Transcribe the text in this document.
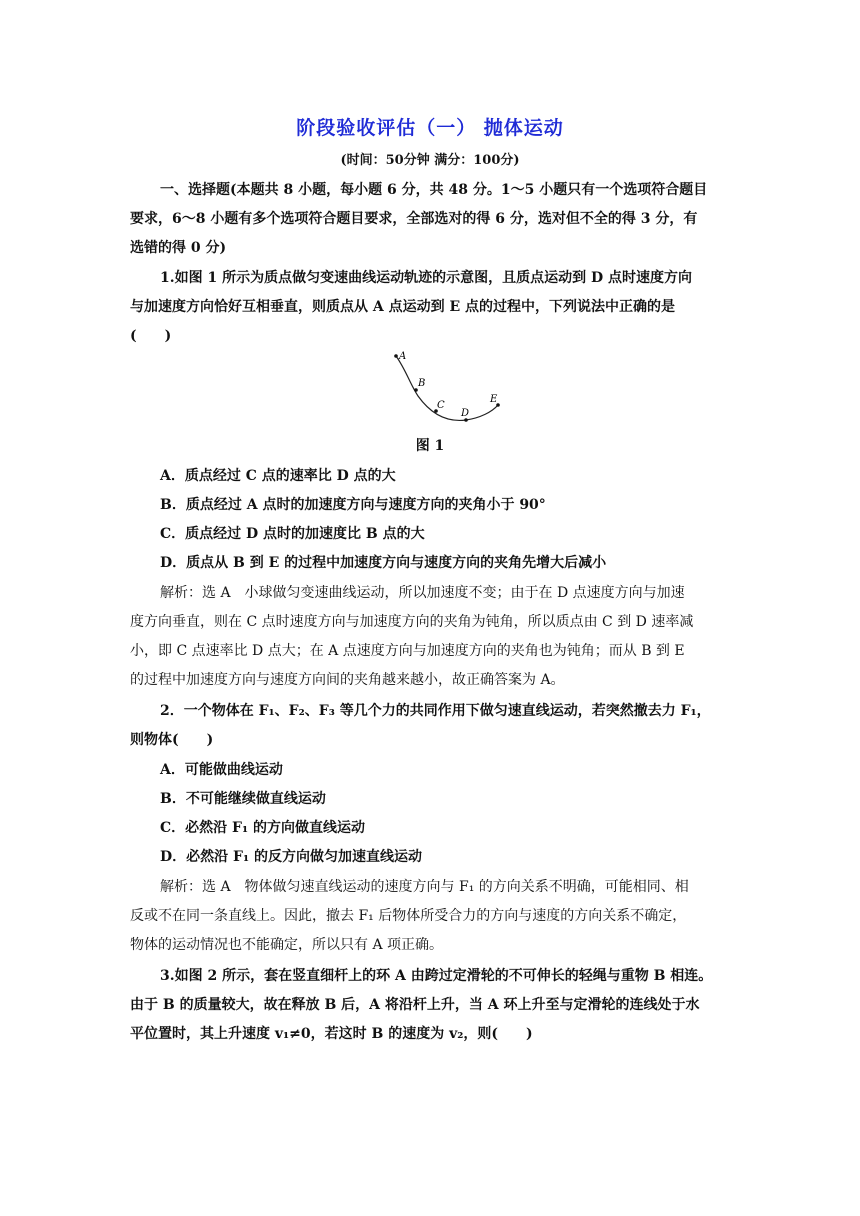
阶段验收评估（一） 抛体运动
(时间：50分钟 满分：100分)
一、选择题(本题共 8 小题，每小题 6 分，共 48 分。1～5 小题只有一个选项符合题目
要求，6～8 小题有多个选项符合题目要求，全部选对的得 6 分，选对但不全的得 3 分，有
选错的得 0 分)
1.如图 1 所示为质点做匀变速曲线运动轨迹的示意图，且质点运动到 D 点时速度方向
与加速度方向恰好互相垂直，则质点从 A 点运动到 E 点的过程中，下列说法中正确的是
(　　)
A
B
C
D
E
图 1
A．质点经过 C 点的速率比 D 点的大
B．质点经过 A 点时的加速度方向与速度方向的夹角小于 90°
C．质点经过 D 点时的加速度比 B 点的大
D．质点从 B 到 E 的过程中加速度方向与速度方向的夹角先增大后减小
解析：选 A　小球做匀变速曲线运动，所以加速度不变；由于在 D 点速度方向与加速
度方向垂直，则在 C 点时速度方向与加速度方向的夹角为钝角，所以质点由 C 到 D 速率减
小，即 C 点速率比 D 点大；在 A 点速度方向与加速度方向的夹角也为钝角；而从 B 到 E
的过程中加速度方向与速度方向间的夹角越来越小，故正确答案为 A。
2．一个物体在 F₁、F₂、F₃ 等几个力的共同作用下做匀速直线运动，若突然撤去力 F₁，
则物体(　　)
A．可能做曲线运动
B．不可能继续做直线运动
C．必然沿 F₁ 的方向做直线运动
D．必然沿 F₁ 的反方向做匀加速直线运动
解析：选 A　物体做匀速直线运动的速度方向与 F₁ 的方向关系不明确，可能相同、相
反或不在同一条直线上。因此，撤去 F₁ 后物体所受合力的方向与速度的方向关系不确定，
物体的运动情况也不能确定，所以只有 A 项正确。
3.如图 2 所示，套在竖直细杆上的环 A 由跨过定滑轮的不可伸长的轻绳与重物 B 相连。
由于 B 的质量较大，故在释放 B 后，A 将沿杆上升，当 A 环上升至与定滑轮的连线处于水
平位置时，其上升速度 v₁≠0，若这时 B 的速度为 v₂，则(　　)
